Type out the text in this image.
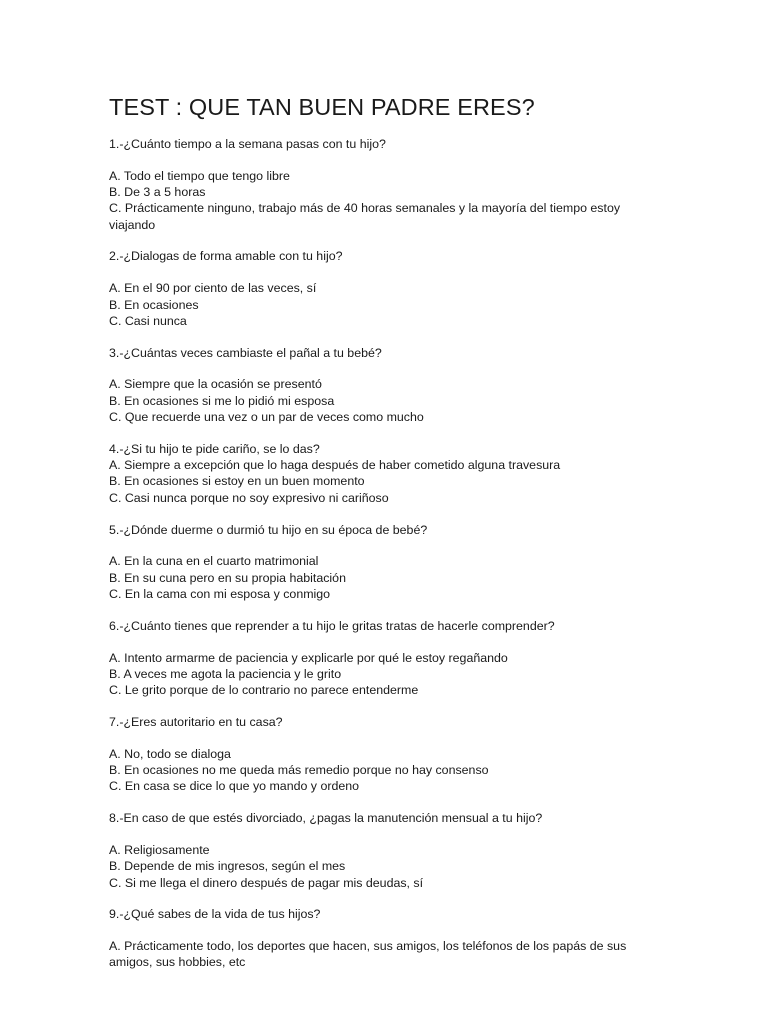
TEST : QUE TAN BUEN PADRE ERES?
1.-¿Cuánto tiempo a la semana pasas con tu hijo?
A. Todo el tiempo que tengo libre
B. De 3 a 5 horas
C. Prácticamente ninguno, trabajo más de 40 horas semanales y la mayoría del tiempo estoy viajando
2.-¿Dialogas de forma amable con tu hijo?
A. En el 90 por ciento de las veces, sí
B. En ocasiones
C. Casi nunca
3.-¿Cuántas veces cambiaste el pañal a tu bebé?
A. Siempre que la ocasión se presentó
B. En ocasiones si me lo pidió mi esposa
C. Que recuerde una vez o un par de veces como mucho
4.-¿Si tu hijo te pide cariño, se lo das?
A. Siempre a excepción que lo haga después de haber cometido alguna travesura
B. En ocasiones si estoy en un buen momento
C. Casi nunca porque no soy expresivo ni cariñoso
5.-¿Dónde duerme o durmió tu hijo en su época de bebé?
A. En la cuna en el cuarto matrimonial
B. En su cuna pero en su propia habitación
C. En la cama con mi esposa y conmigo
6.-¿Cuánto tienes que reprender a tu hijo le gritas tratas de hacerle comprender?
A. Intento armarme de paciencia y explicarle por qué le estoy regañando
B. A veces me agota la paciencia y le grito
C. Le grito porque de lo contrario no parece entenderme
7.-¿Eres autoritario en tu casa?
A. No, todo se dialoga
B. En ocasiones no me queda más remedio porque no hay consenso
C. En casa se dice lo que yo mando y ordeno
8.-En caso de que estés divorciado, ¿pagas la manutención mensual a tu hijo?
A. Religiosamente
B. Depende de mis ingresos, según el mes
C. Si me llega el dinero después de pagar mis deudas, sí
9.-¿Qué sabes de la vida de tus hijos?
A. Prácticamente todo, los deportes que hacen, sus amigos, los teléfonos de los papás de sus amigos, sus hobbies, etc
